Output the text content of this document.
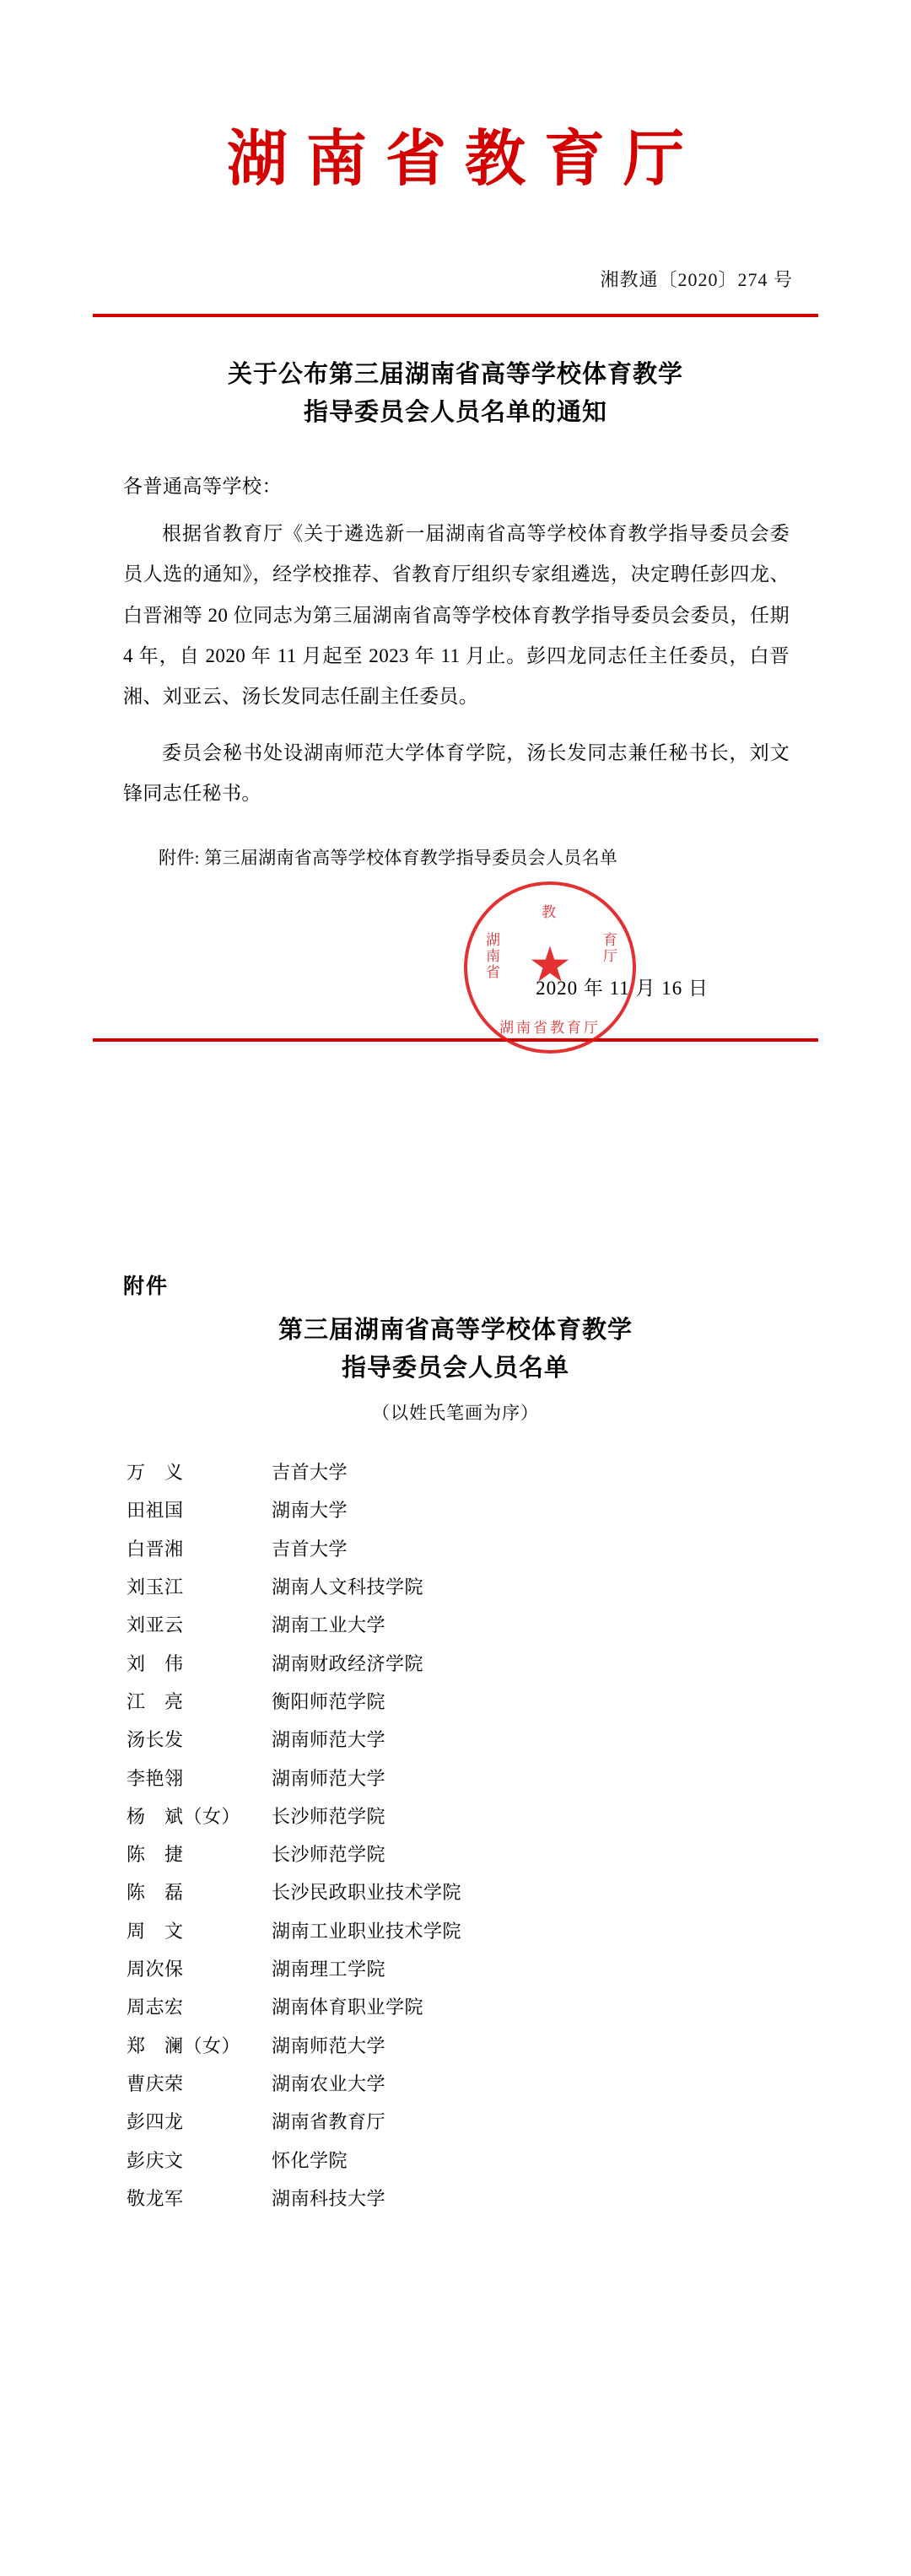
湖南省教育厅
湘教通〔2020〕274 号
关于公布第三届湖南省高等学校体育教学
指导委员会人员名单的通知
各普通高等学校：

根据省教育厅《关于遴选新一届湖南省高等学校体育教学指导委员会委员人选的通知》，经学校推荐、省教育厅组织专家组遴选，决定聘任彭四龙、白晋湘等 20 位同志为第三届湖南省高等学校体育教学指导委员会委员，任期 4 年，自 2020 年 11 月起至 2023 年 11 月止。彭四龙同志任主任委员，白晋湘、刘亚云、汤长发同志任副主任委员。

委员会秘书处设湖南师范大学体育学院，汤长发同志兼任秘书长，刘文锋同志任秘书。

附件: 第三届湖南省高等学校体育教学指导委员会人员名单
教
湖南省	育厅
★
湖南省教育厅
2020 年 11 月 16 日
附件
第三届湖南省高等学校体育教学
指导委员会人员名单
（以姓氏笔画为序）
万　义	吉首大学
田祖国	湖南大学
白晋湘	吉首大学
刘玉江	湖南人文科技学院
刘亚云	湖南工业大学
刘　伟	湖南财政经济学院
江　亮	衡阳师范学院
汤长发	湖南师范大学
李艳翎	湖南师范大学
杨　斌（女）	长沙师范学院
陈　捷	长沙师范学院
陈　磊	长沙民政职业技术学院
周　文	湖南工业职业技术学院
周次保	湖南理工学院
周志宏	湖南体育职业学院
郑　澜（女）	湖南师范大学
曹庆荣	湖南农业大学
彭四龙	湖南省教育厅
彭庆文	怀化学院
敬龙军	湖南科技大学
